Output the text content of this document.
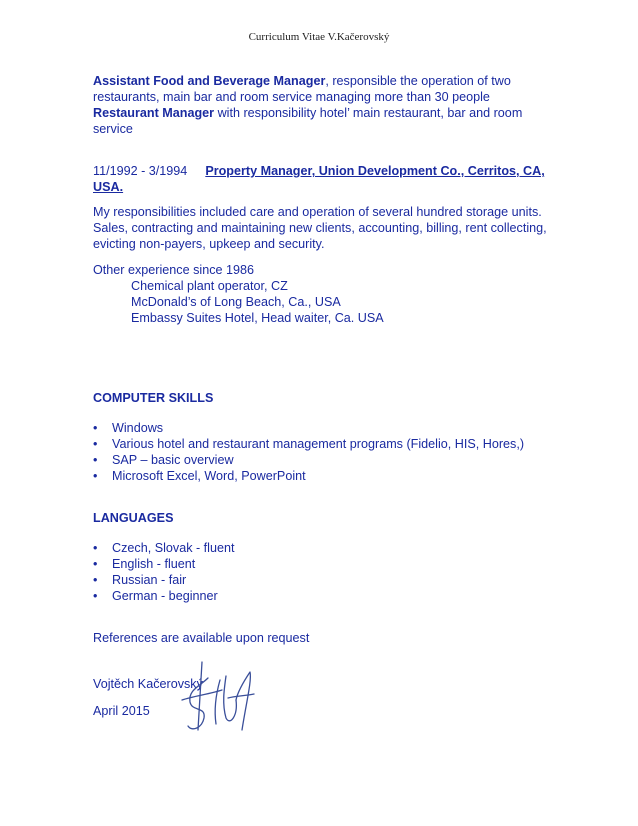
Curriculum Vitae V.Kačerovský
Assistant Food and Beverage Manager, responsible the operation of two
restaurants, main bar and room service managing more than 30 people
Restaurant Manager with responsibility hotel’ main restaurant, bar and room
service
11/1992 - 3/1994 Property Manager, Union Development Co., Cerritos, CA,
USA.
My responsibilities included care and operation of several hundred storage units.
Sales, contracting and maintaining new clients, accounting, billing, rent collecting,
evicting non-payers, upkeep and security.
Other experience since 1986
Chemical plant operator, CZ
McDonald’s of Long Beach, Ca., USA
Embassy Suites Hotel, Head waiter, Ca. USA
COMPUTER SKILLS
• Windows
• Various hotel and restaurant management programs (Fidelio, HIS, Hores,)
• SAP – basic overview
• Microsoft Excel, Word, PowerPoint
LANGUAGES
• Czech, Slovak - fluent
• English - fluent
• Russian - fair
• German - beginner
References are available upon request
Vojtěch Kačerovský
April 2015
